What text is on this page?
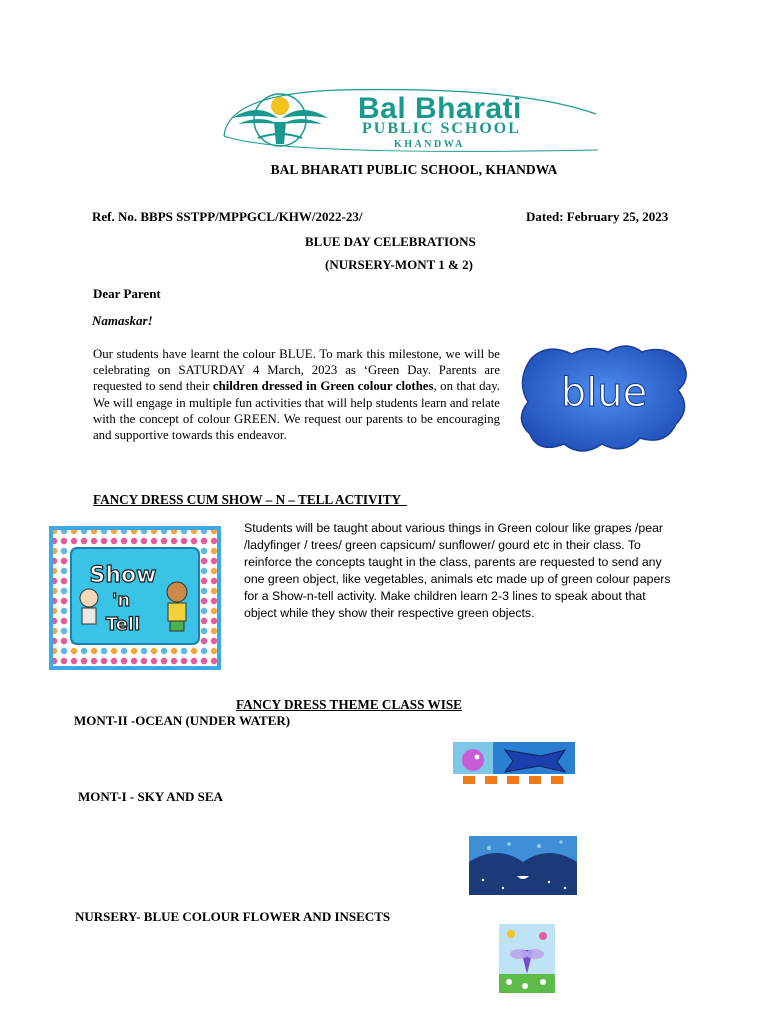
Bal Bharati
PUBLIC SCHOOL
KHANDWA
BAL BHARATI PUBLIC SCHOOL, KHANDWA
Ref. No. BBPS SSTPP/MPPGCL/KHW/2022-23/	Dated: February 25, 2023
BLUE DAY CELEBRATIONS
(NURSERY-MONT 1 & 2)
Dear Parent
Namaskar!
Our students have learnt the colour BLUE. To mark this milestone, we will be celebrating on SATURDAY 4 March, 2023 as ‘Green Day. Parents are requested to send their children dressed in Green colour clothes, on that day. We will engage in multiple fun activities that will help students learn and relate with the concept of colour GREEN. We request our parents to be encouraging and supportive towards this endeavor.
blue
FANCY DRESS CUM SHOW – N – TELL ACTIVITY
Show
'n
Tell
Students will be taught about various things in Green colour like grapes /pear /ladyfinger / trees/ green capsicum/ sunflower/ gourd etc in their class. To reinforce the concepts taught in the class, parents are requested to send any one green object, like vegetables, animals etc made up of green colour papers for a Show-n-tell activity. Make children learn 2-3 lines to speak about that object while they show their respective green objects.
FANCY DRESS THEME CLASS WISE
MONT-II -OCEAN (UNDER WATER)
MONT-I - SKY AND SEA
NURSERY- BLUE COLOUR FLOWER AND INSECTS
